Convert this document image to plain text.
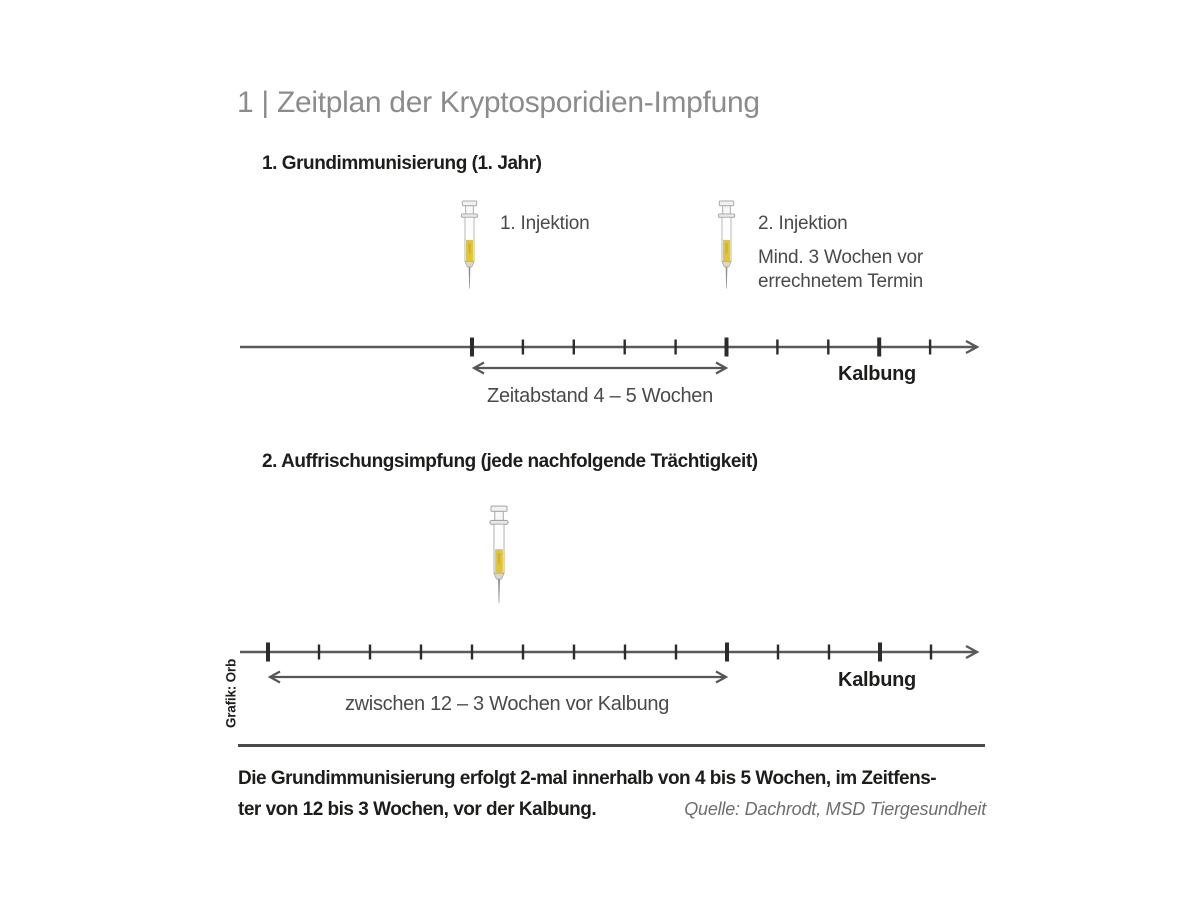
1 | Zeitplan der Kryptosporidien-Impfung
1. Grundimmunisierung (1. Jahr)
1. Injektion	2. Injektion
Mind. 3 Wochen vor
errechnetem Termin
Zeitabstand 4 – 5 Wochen
Kalbung
2. Auffrischungsimpfung (jede nachfolgende Trächtigkeit)
zwischen 12 – 3 Wochen vor Kalbung
Kalbung
Grafik: Orb
Die Grundimmunisierung erfolgt 2-mal innerhalb von 4 bis 5 Wochen, im Zeitfens-
ter von 12 bis 3 Wochen, vor der Kalbung.	Quelle: Dachrodt, MSD Tiergesundheit
